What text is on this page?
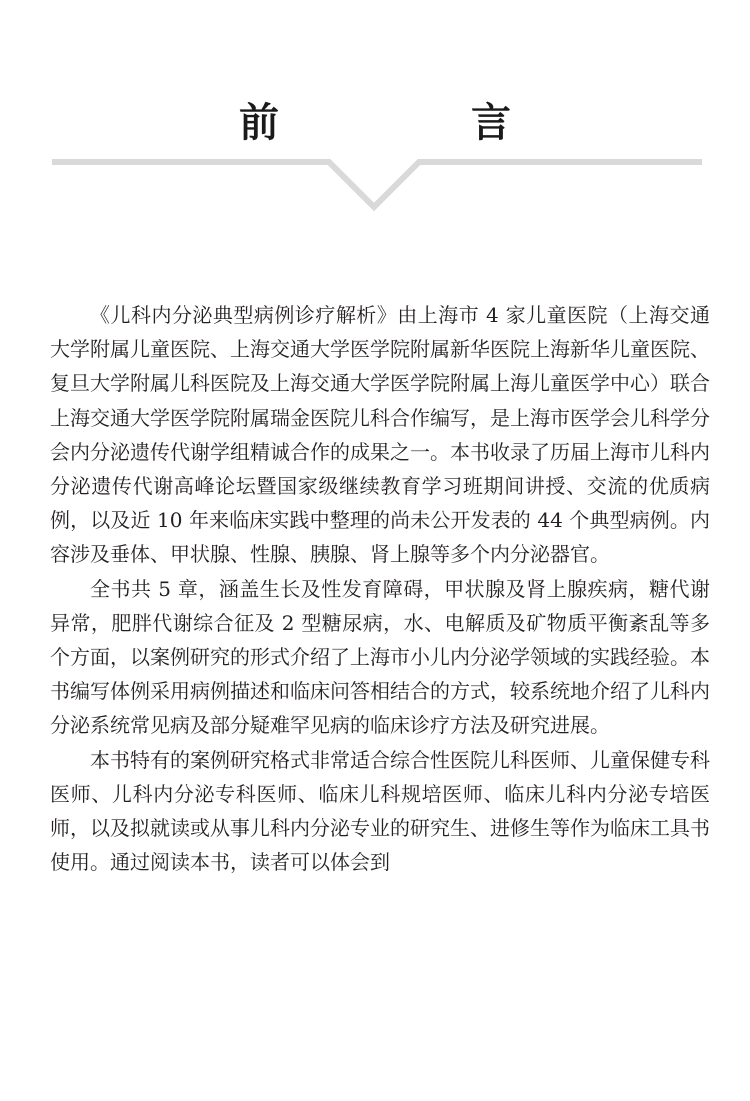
前　言

《儿科内分泌典型病例诊疗解析》由上海市 4 家儿童医院（上海交通大学附属儿童医院、上海交通大学医学院附属新华医院上海新华儿童医院、复旦大学附属儿科医院及上海交通大学医学院附属上海儿童医学中心）联合上海交通大学医学院附属瑞金医院儿科合作编写，是上海市医学会儿科学分会内分泌遗传代谢学组精诚合作的成果之一。本书收录了历届上海市儿科内分泌遗传代谢高峰论坛暨国家级继续教育学习班期间讲授、交流的优质病例，以及近 10 年来临床实践中整理的尚未公开发表的 44 个典型病例。内容涉及垂体、甲状腺、性腺、胰腺、肾上腺等多个内分泌器官。

全书共 5 章，涵盖生长及性发育障碍，甲状腺及肾上腺疾病，糖代谢异常，肥胖代谢综合征及 2 型糖尿病，水、电解质及矿物质平衡紊乱等多个方面，以案例研究的形式介绍了上海市小儿内分泌学领域的实践经验。本书编写体例采用病例描述和临床问答相结合的方式，较系统地介绍了儿科内分泌系统常见病及部分疑难罕见病的临床诊疗方法及研究进展。

本书特有的案例研究格式非常适合综合性医院儿科医师、儿童保健专科医师、儿科内分泌专科医师、临床儿科规培医师、临床儿科内分泌专培医师，以及拟就读或从事儿科内分泌专业的研究生、进修生等作为临床工具书使用。通过阅读本书，读者可以体会到
